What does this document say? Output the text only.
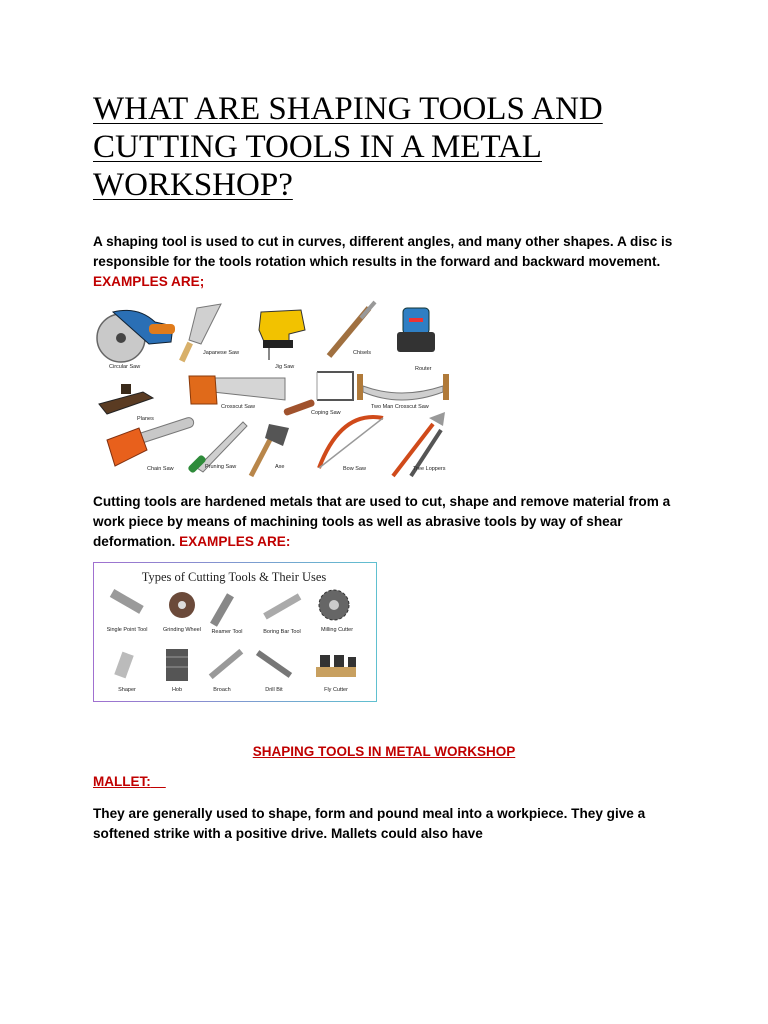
WHAT ARE SHAPING TOOLS AND CUTTING TOOLS IN A METAL WORKSHOP?

A shaping tool is used to cut in curves, different angles, and many other shapes. A disc is responsible for the tools rotation which results in the forward and backward movement. EXAMPLES ARE;

Circular Saw
Japanese Saw
Jig Saw
Chisels
Router
Planes
Crosscut Saw
Coping Saw
Two Man Crosscut Saw
Chain Saw	Pruning Saw	Axe	Bow Saw	Tree Loppers

Cutting tools are hardened metals that are used to cut, shape and remove material from a work piece by means of machining tools as well as abrasive tools by way of shear deformation. EXAMPLES ARE:

Types of Cutting Tools & Their Uses
Single Point Tool	Grinding Wheel Reamer Tool	Boring Bar Tool	Milling Cutter
Shaper	Hob	Broach	Drill Bit	Fly Cutter
SHAPING TOOLS IN METAL WORKSHOP
MALLET:

They are generally used to shape, form and pound meal into a workpiece. They give a softened strike with a positive drive. Mallets could also have
